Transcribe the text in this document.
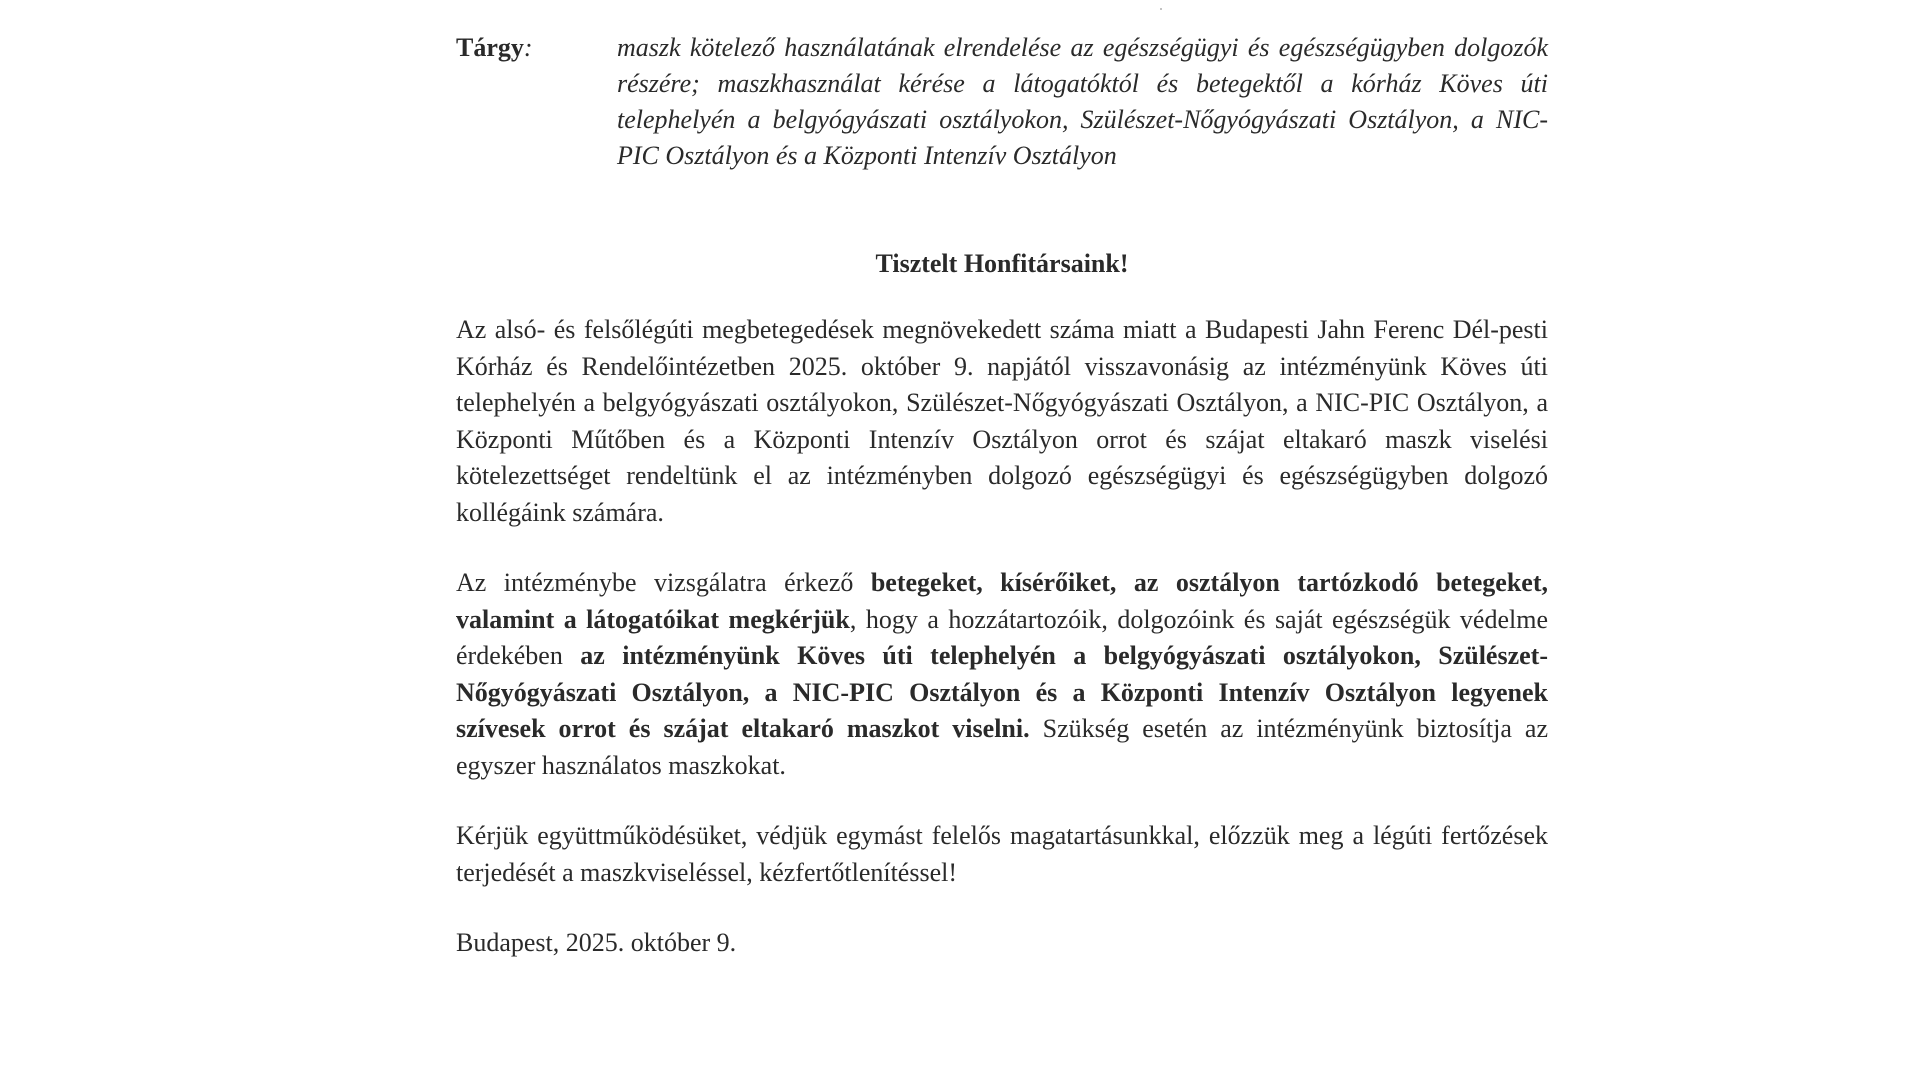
Tárgy:	maszk kötelező használatának elrendelése az egészségügyi és egészségügyben dolgozók részére; maszkhasználat kérése a látogatóktól és betegektől a kórház Köves úti telephelyén a belgyógyászati osztályokon, Szülészet-Nőgyógyászati Osztályon, a NIC-PIC Osztályon és a Központi Intenzív Osztályon
Tisztelt Honfitársaink!

Az alsó- és felsőlégúti megbetegedések megnövekedett száma miatt a Budapesti Jahn Ferenc Dél-pesti Kórház és Rendelőintézetben 2025. október 9. napjától visszavonásig az intézményünk Köves úti telephelyén a belgyógyászati osztályokon, Szülészet-Nőgyógyászati Osztályon, a NIC-PIC Osztályon, a Központi Műtőben és a Központi Intenzív Osztályon orrot és szájat eltakaró maszk viselési kötelezettséget rendeltünk el az intézményben dolgozó egészségügyi és egészségügyben dolgozó kollégáink számára.

Az intézménybe vizsgálatra érkező betegeket, kísérőiket, az osztályon tartózkodó betegeket, valamint a látogatóikat megkérjük, hogy a hozzátartozóik, dolgozóink és saját egészségük védelme érdekében az intézményünk Köves úti telephelyén a belgyógyászati osztályokon, Szülészet-Nőgyógyászati Osztályon, a NIC-PIC Osztályon és a Központi Intenzív Osztályon legyenek szívesek orrot és szájat eltakaró maszkot viselni. Szükség esetén az intézményünk biztosítja az egyszer használatos maszkokat.

Kérjük együttműködésüket, védjük egymást felelős magatartásunkkal, előzzük meg a légúti fertőzések terjedését a maszkviseléssel, kézfertőtlenítéssel!

Budapest, 2025. október 9.
